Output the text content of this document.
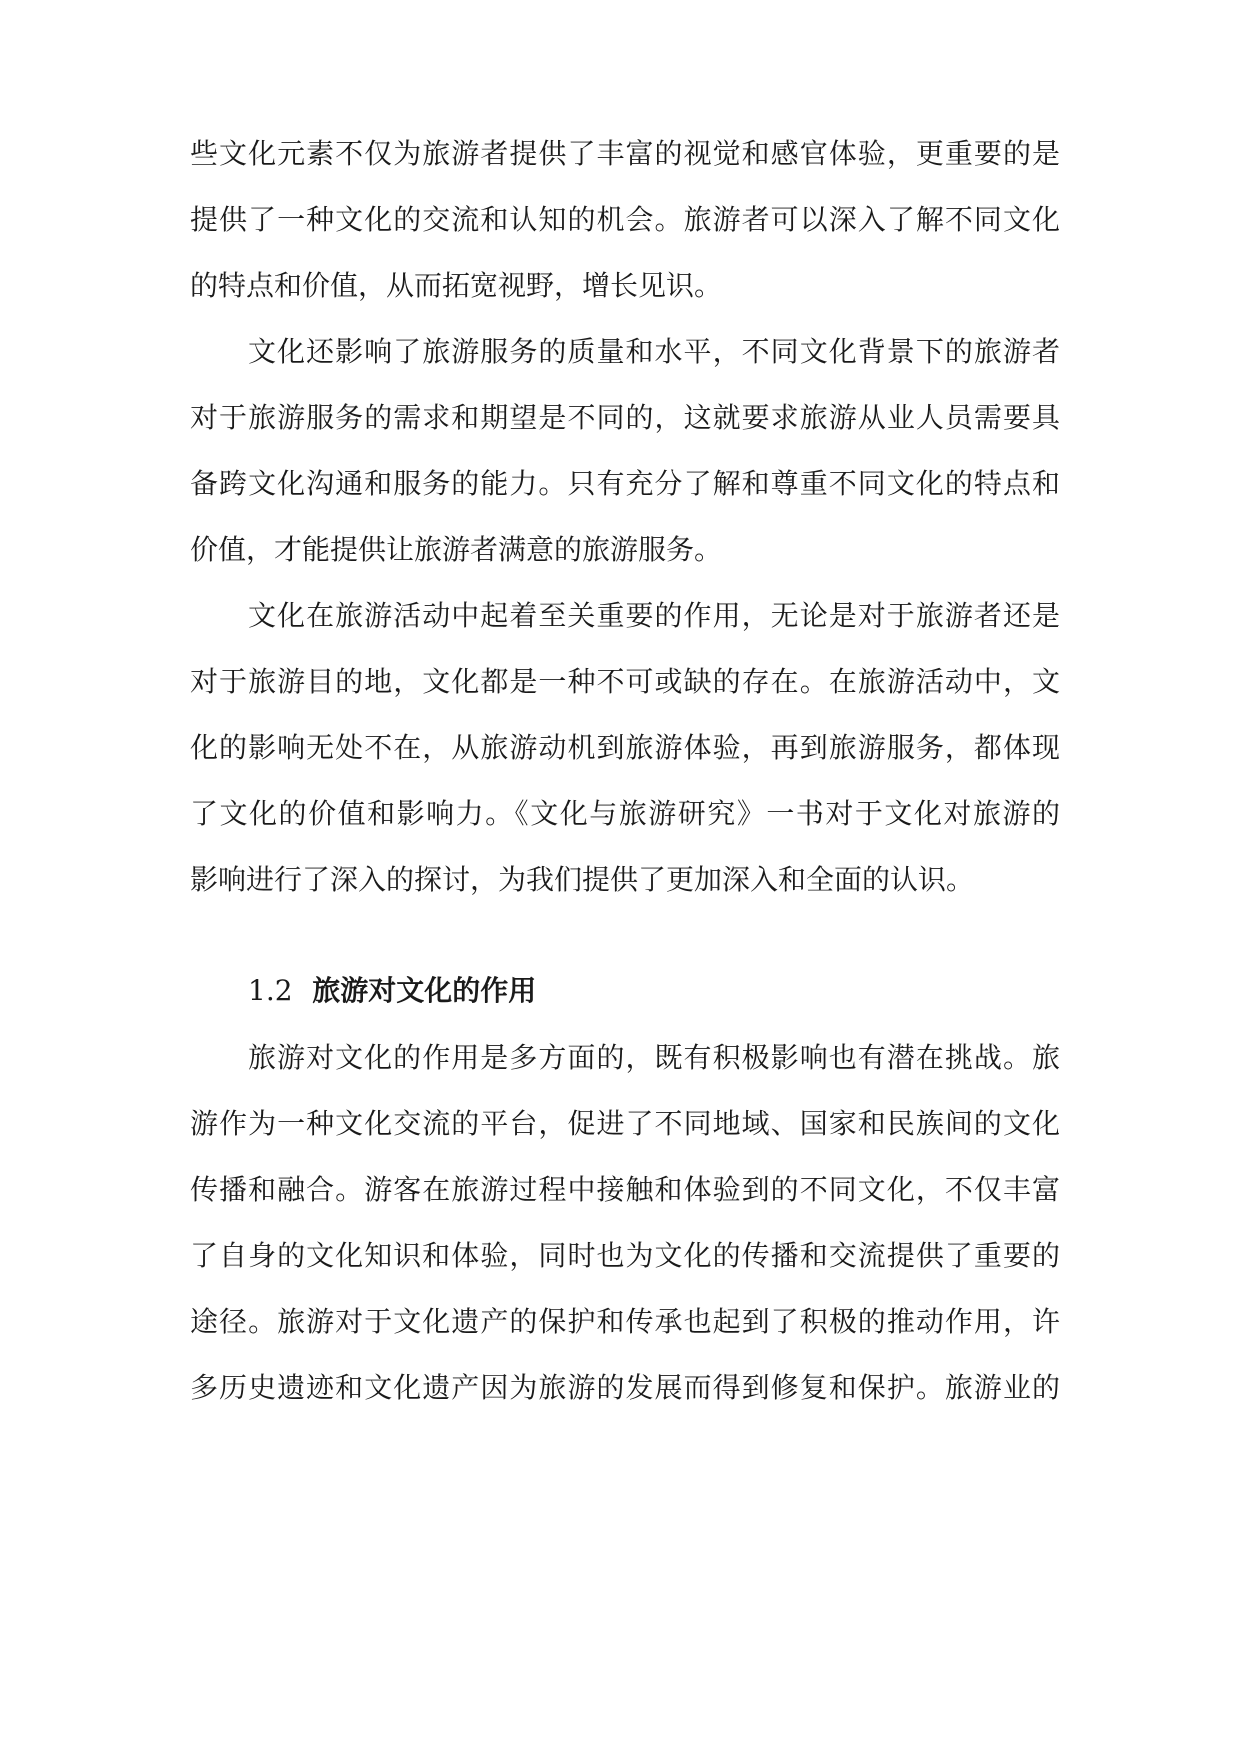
些文化元素不仅为旅游者提供了丰富的视觉和感官体验，更重要的是
提供了一种文化的交流和认知的机会。旅游者可以深入了解不同文化
的特点和价值，从而拓宽视野，增长见识。
文化还影响了旅游服务的质量和水平，不同文化背景下的旅游者
对于旅游服务的需求和期望是不同的，这就要求旅游从业人员需要具
备跨文化沟通和服务的能力。只有充分了解和尊重不同文化的特点和
价值，才能提供让旅游者满意的旅游服务。
文化在旅游活动中起着至关重要的作用，无论是对于旅游者还是
对于旅游目的地，文化都是一种不可或缺的存在。在旅游活动中，文
化的影响无处不在，从旅游动机到旅游体验，再到旅游服务，都体现
了文化的价值和影响力。《文化与旅游研究》一书对于文化对旅游的
影响进行了深入的探讨，为我们提供了更加深入和全面的认识。
1.2 旅游对文化的作用
旅游对文化的作用是多方面的，既有积极影响也有潜在挑战。旅
游作为一种文化交流的平台，促进了不同地域、国家和民族间的文化
传播和融合。游客在旅游过程中接触和体验到的不同文化，不仅丰富
了自身的文化知识和体验，同时也为文化的传播和交流提供了重要的
途径。旅游对于文化遗产的保护和传承也起到了积极的推动作用，许
多历史遗迹和文化遗产因为旅游的发展而得到修复和保护。旅游业的
